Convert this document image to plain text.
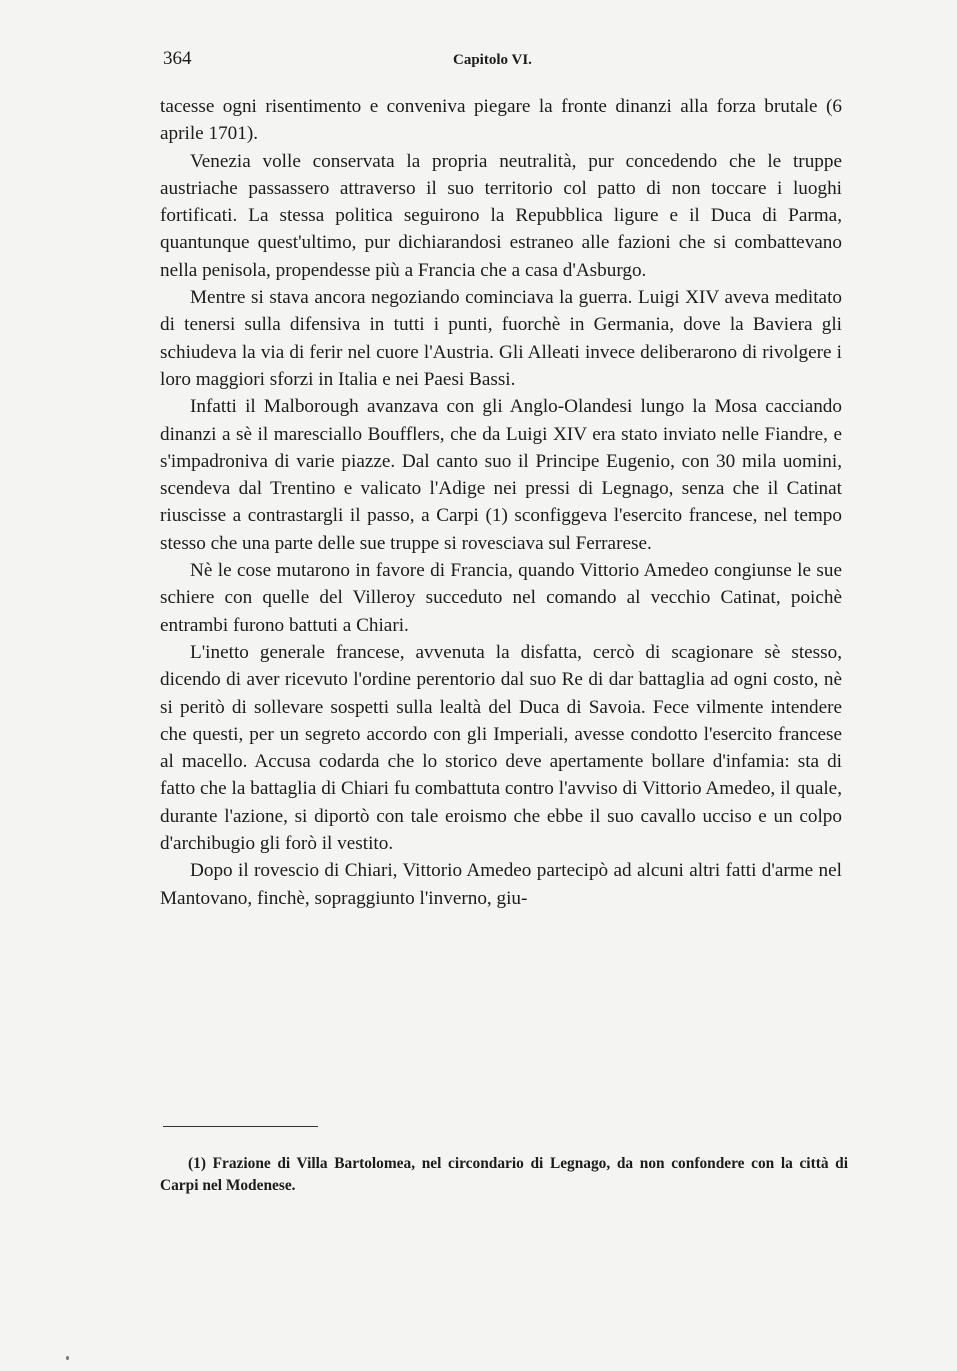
364	Capitolo VI.

tacesse ogni risentimento e conveniva piegare la fronte dinanzi alla forza brutale (6 aprile 1701).

Venezia volle conservata la propria neutralità, pur concedendo che le truppe austriache passassero attraverso il suo territorio col patto di non toccare i luoghi fortificati. La stessa politica seguirono la Repubblica ligure e il Duca di Parma, quantunque quest'ultimo, pur dichiarandosi estraneo alle fazioni che si combattevano nella penisola, propendesse più a Francia che a casa d'Asburgo.

Mentre si stava ancora negoziando cominciava la guerra. Luigi XIV aveva meditato di tenersi sulla difensiva in tutti i punti, fuorchè in Germania, dove la Baviera gli schiudeva la via di ferir nel cuore l'Austria. Gli Alleati invece deliberarono di rivolgere i loro maggiori sforzi in Italia e nei Paesi Bassi.

Infatti il Malborough avanzava con gli Anglo-Olandesi lungo la Mosa cacciando dinanzi a sè il maresciallo Boufflers, che da Luigi XIV era stato inviato nelle Fiandre, e s'impadroniva di varie piazze. Dal canto suo il Principe Eugenio, con 30 mila uomini, scendeva dal Trentino e valicato l'Adige nei pressi di Legnago, senza che il Catinat riuscisse a contrastargli il passo, a Carpi (1) sconfiggeva l'esercito francese, nel tempo stesso che una parte delle sue truppe si rovesciava sul Ferrarese.

Nè le cose mutarono in favore di Francia, quando Vittorio Amedeo congiunse le sue schiere con quelle del Villeroy succeduto nel comando al vecchio Catinat, poichè entrambi furono battuti a Chiari.

L'inetto generale francese, avvenuta la disfatta, cercò di scagionare sè stesso, dicendo di aver ricevuto l'ordine perentorio dal suo Re di dar battaglia ad ogni costo, nè si peritò di sollevare sospetti sulla lealtà del Duca di Savoia. Fece vilmente intendere che questi, per un segreto accordo con gli Imperiali, avesse condotto l'esercito francese al macello. Accusa codarda che lo storico deve apertamente bollare d'infamia: sta di fatto che la battaglia di Chiari fu combattuta contro l'avviso di Vittorio Amedeo, il quale, durante l'azione, si diportò con tale eroismo che ebbe il suo cavallo ucciso e un colpo d'archibugio gli forò il vestito.

Dopo il rovescio di Chiari, Vittorio Amedeo partecipò ad alcuni altri fatti d'arme nel Mantovano, finchè, sopraggiunto l'inverno, giu-

(1) Frazione di Villa Bartolomea, nel circondario di Legnago, da non confondere con la città di Carpi nel Modenese.
